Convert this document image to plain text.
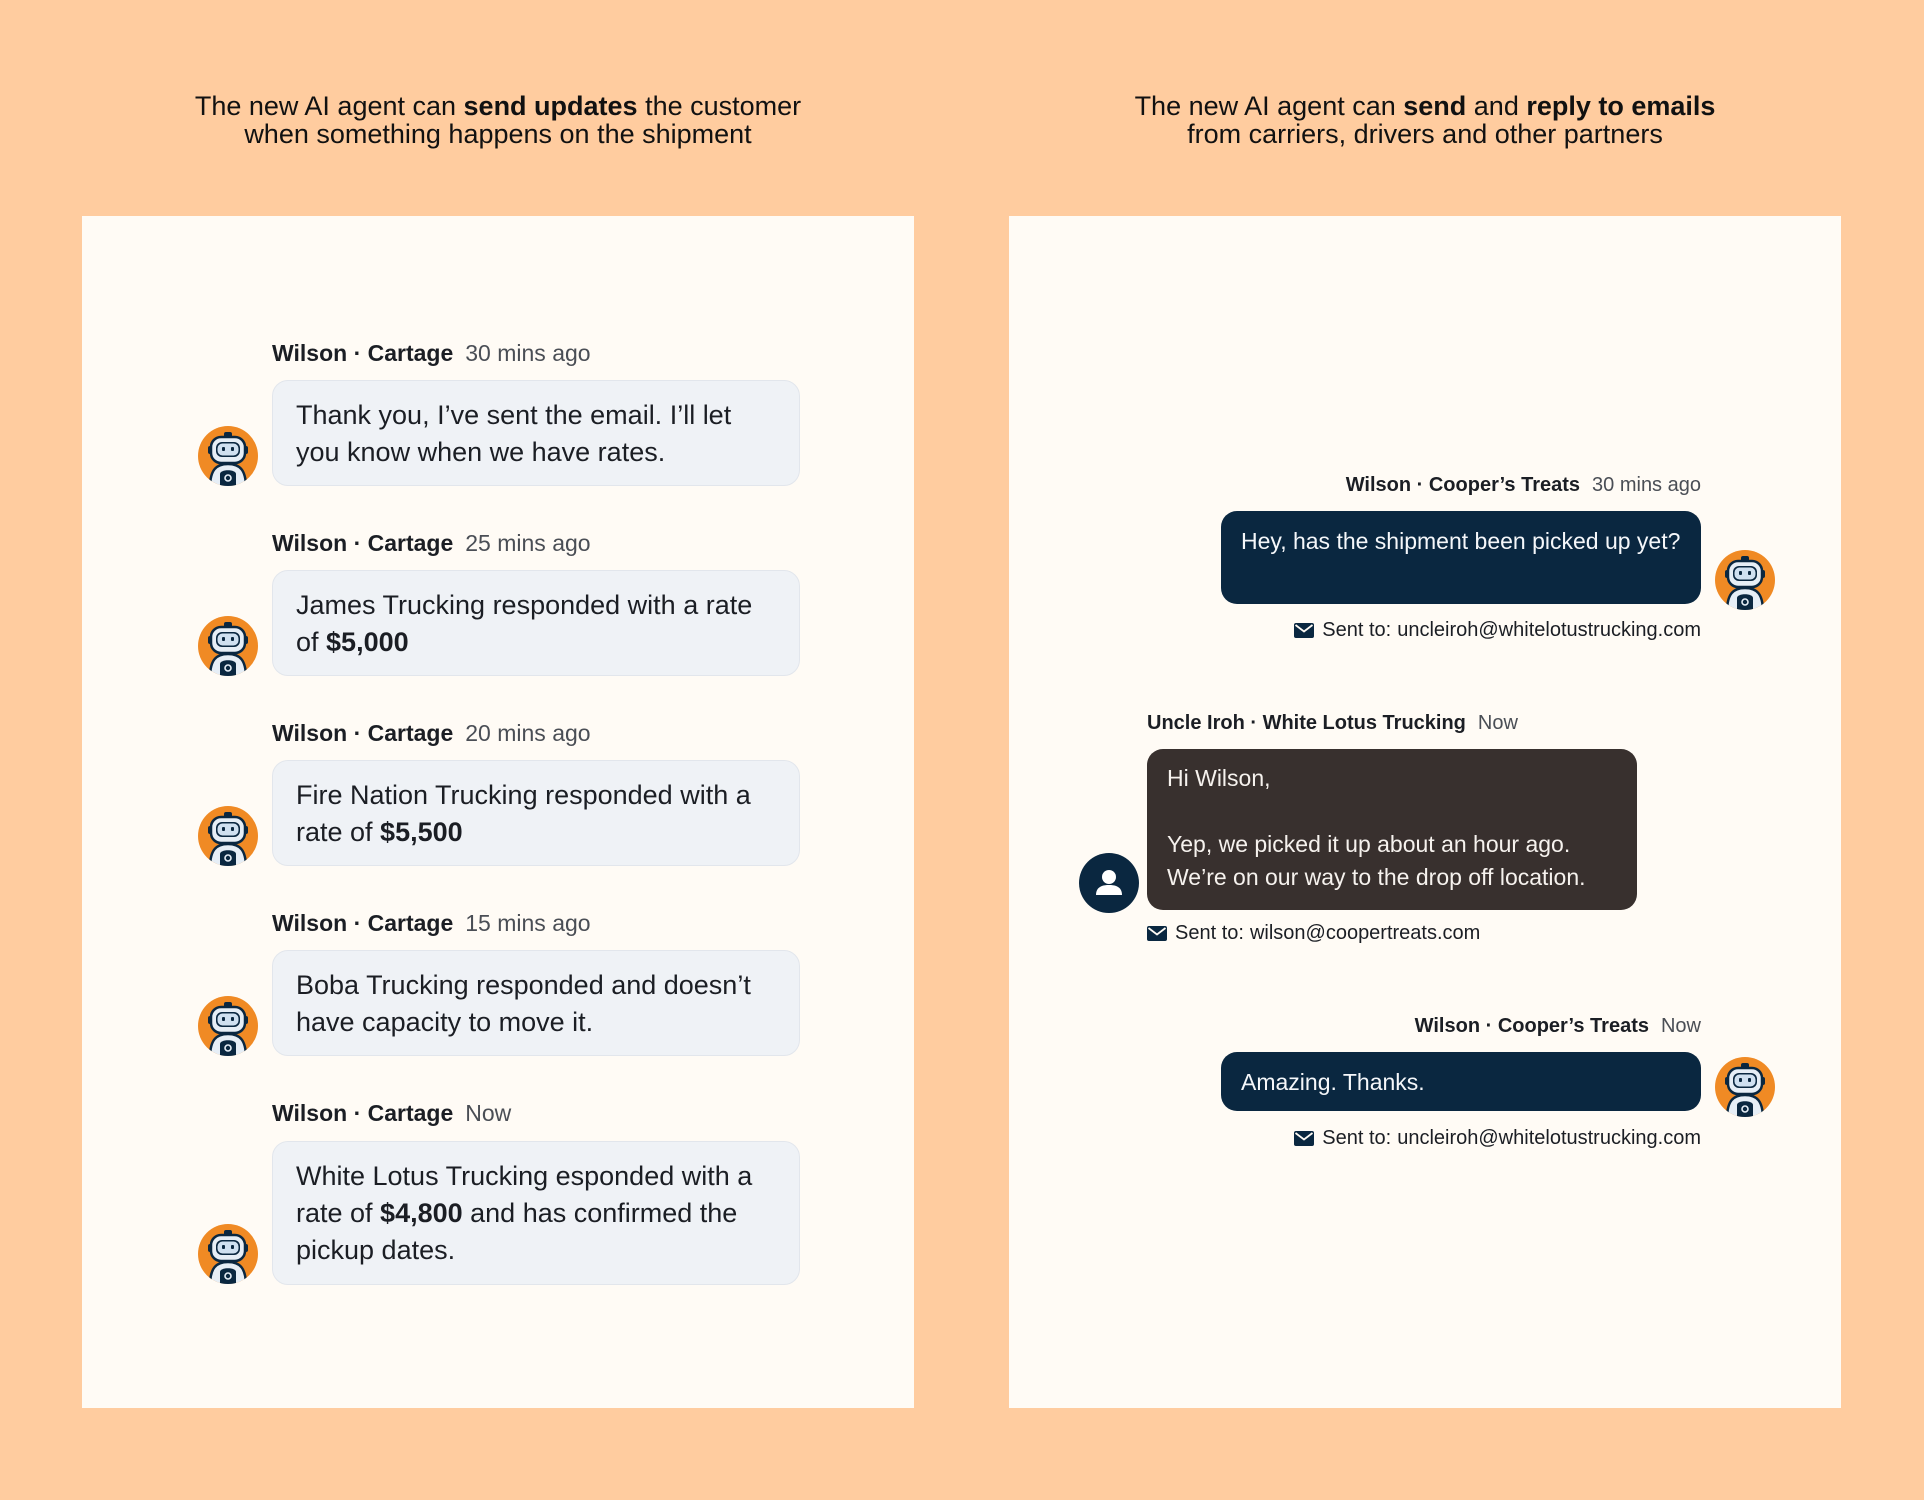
The new AI agent can send updates the customer
when something happens on the shipment
The new AI agent can send and reply to emails
from carriers, drivers and other partners
Wilson · Cartage 30 mins ago
Thank you, I’ve sent the email. I’ll let you know when we have rates.
Wilson · Cartage 25 mins ago
James Trucking responded with a rate of $5,000
Wilson · Cartage 20 mins ago
Fire Nation Trucking responded with a rate of $5,500
Wilson · Cartage 15 mins ago
Boba Trucking responded and doesn’t have capacity to move it.
Wilson · Cartage Now
White Lotus Trucking esponded with a rate of $4,800 and has confirmed the pickup dates.
Wilson · Cooper’s Treats 30 mins ago
Hey, has the shipment been picked up yet?
Sent to: uncleiroh@whitelotustrucking.com
Uncle Iroh · White Lotus Trucking Now
Hi Wilson,
Yep, we picked it up about an hour ago.
We’re on our way to the drop off location.
Sent to: wilson@coopertreats.com
Wilson · Cooper’s Treats Now
Amazing. Thanks.
Sent to: uncleiroh@whitelotustrucking.com
